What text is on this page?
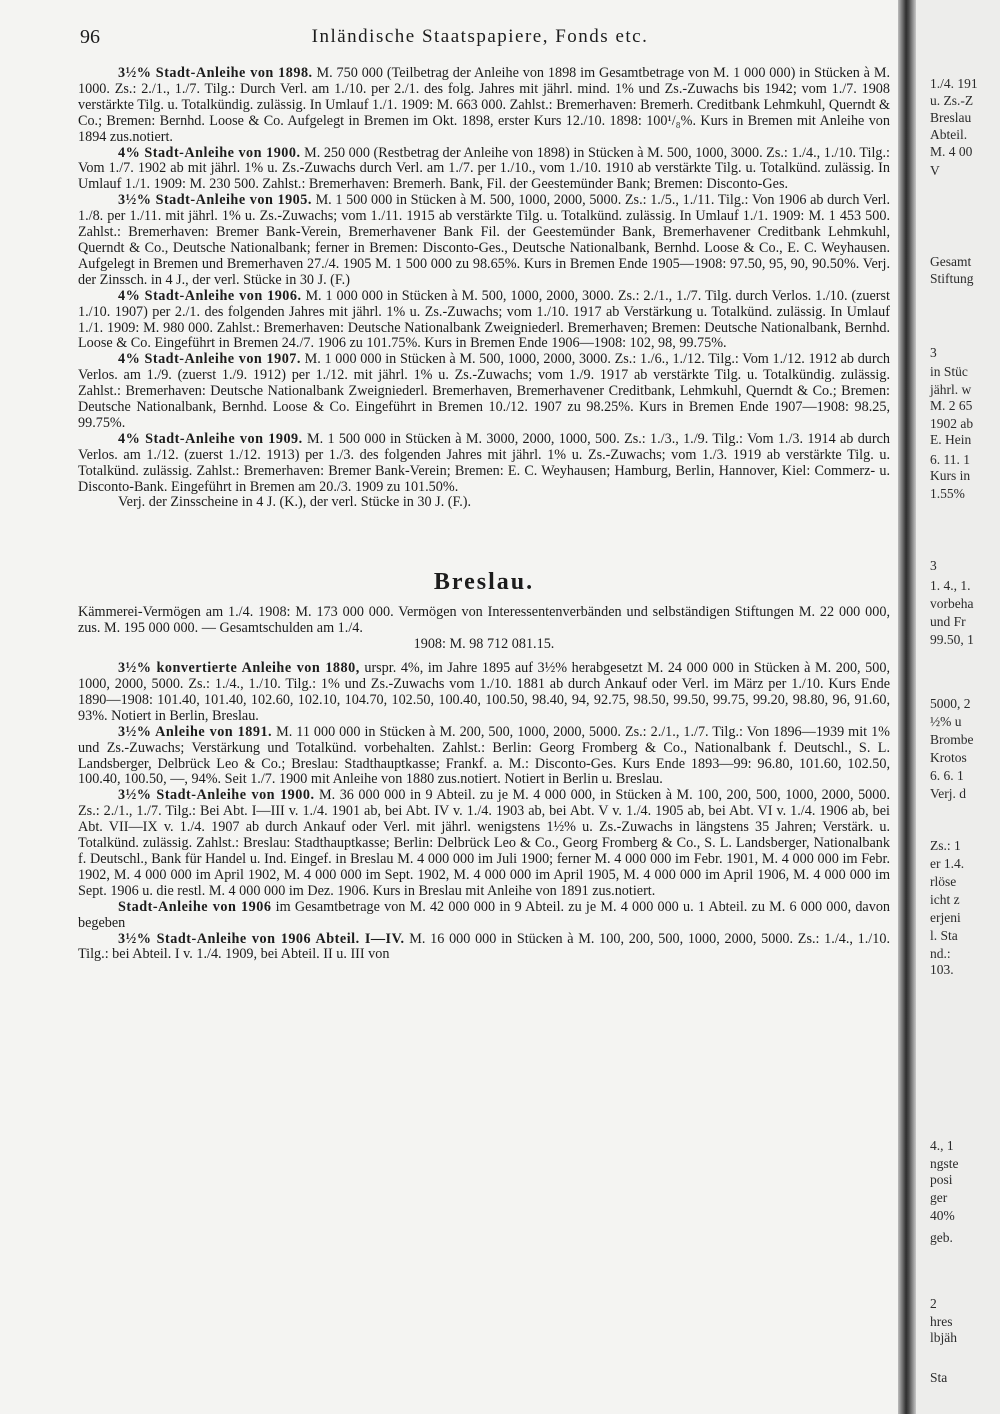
96	Inländische Staatspapiere, Fonds etc.

3½% Stadt-Anleihe von 1898. M. 750 000 (Teilbetrag der Anleihe von 1898 im Gesamtbetrage von M. 1 000 000) in Stücken à M. 1000. Zs.: 2./1., 1./7. Tilg.: Durch Verl. am 1./10. per 2./1. des folg. Jahres mit jährl. mind. 1% und Zs.-Zuwachs bis 1942; vom 1./7. 1908 verstärkte Tilg. u. Totalkündig. zulässig. In Umlauf 1./1. 1909: M. 663 000. Zahlst.: Bremerhaven: Bremerh. Creditbank Lehmkuhl, Querndt & Co.; Bremen: Bernhd. Loose & Co. Aufgelegt in Bremen im Okt. 1898, erster Kurs 12./10. 1898: 100¹/₈%. Kurs in Bremen mit Anleihe von 1894 zus.notiert.

4% Stadt-Anleihe von 1900. M. 250 000 (Restbetrag der Anleihe von 1898) in Stücken à M. 500, 1000, 3000. Zs.: 1./4., 1./10. Tilg.: Vom 1./7. 1902 ab mit jährl. 1% u. Zs.-Zuwachs durch Verl. am 1./7. per 1./10., vom 1./10. 1910 ab verstärkte Tilg. u. Totalkünd. zulässig. In Umlauf 1./1. 1909: M. 230 500. Zahlst.: Bremerhaven: Bremerh. Bank, Fil. der Geestemünder Bank; Bremen: Disconto-Ges.

3½% Stadt-Anleihe von 1905. M. 1 500 000 in Stücken à M. 500, 1000, 2000, 5000. Zs.: 1./5., 1./11. Tilg.: Von 1906 ab durch Verl. 1./8. per 1./11. mit jährl. 1% u. Zs.-Zuwachs; vom 1./11. 1915 ab verstärkte Tilg. u. Totalkünd. zulässig. In Umlauf 1./1. 1909: M. 1 453 500. Zahlst.: Bremerhaven: Bremer Bank-Verein, Bremerhavener Bank Fil. der Geestemünder Bank, Bremerhavener Creditbank Lehmkuhl, Querndt & Co., Deutsche Nationalbank; ferner in Bremen: Disconto-Ges., Deutsche Nationalbank, Bernhd. Loose & Co., E. C. Weyhausen. Aufgelegt in Bremen und Bremerhaven 27./4. 1905 M. 1 500 000 zu 98.65%. Kurs in Bremen Ende 1905—1908: 97.50, 95, 90, 90.50%. Verj. der Zinssch. in 4 J., der verl. Stücke in 30 J. (F.)

4% Stadt-Anleihe von 1906. M. 1 000 000 in Stücken à M. 500, 1000, 2000, 3000. Zs.: 2./1., 1./7. Tilg. durch Verlos. 1./10. (zuerst 1./10. 1907) per 2./1. des folgenden Jahres mit jährl. 1% u. Zs.-Zuwachs; vom 1./10. 1917 ab Verstärkung u. Totalkünd. zulässig. In Umlauf 1./1. 1909: M. 980 000. Zahlst.: Bremerhaven: Deutsche Nationalbank Zweigniederl. Bremerhaven; Bremen: Deutsche Nationalbank, Bernhd. Loose & Co. Eingeführt in Bremen 24./7. 1906 zu 101.75%. Kurs in Bremen Ende 1906—1908: 102, 98, 99.75%.

4% Stadt-Anleihe von 1907. M. 1 000 000 in Stücken à M. 500, 1000, 2000, 3000. Zs.: 1./6., 1./12. Tilg.: Vom 1./12. 1912 ab durch Verlos. am 1./9. (zuerst 1./9. 1912) per 1./12. mit jährl. 1% u. Zs.-Zuwachs; vom 1./9. 1917 ab verstärkte Tilg. u. Totalkündig. zulässig. Zahlst.: Bremerhaven: Deutsche Nationalbank Zweigniederl. Bremerhaven, Bremerhavener Creditbank, Lehmkuhl, Querndt & Co.; Bremen: Deutsche Nationalbank, Bernhd. Loose & Co. Eingeführt in Bremen 10./12. 1907 zu 98.25%. Kurs in Bremen Ende 1907—1908: 98.25, 99.75%.

4% Stadt-Anleihe von 1909. M. 1 500 000 in Stücken à M. 3000, 2000, 1000, 500. Zs.: 1./3., 1./9. Tilg.: Vom 1./3. 1914 ab durch Verlos. am 1./12. (zuerst 1./12. 1913) per 1./3. des folgenden Jahres mit jährl. 1% u. Zs.-Zuwachs; vom 1./3. 1919 ab verstärkte Tilg. u. Totalkünd. zulässig. Zahlst.: Bremerhaven: Bremer Bank-Verein; Bremen: E. C. Weyhausen; Hamburg, Berlin, Hannover, Kiel: Commerz- u. Disconto-Bank. Eingeführt in Bremen am 20./3. 1909 zu 101.50%.

Verj. der Zinsscheine in 4 J. (K.), der verl. Stücke in 30 J. (F.).

Breslau.

Kämmerei-Vermögen am 1./4. 1908: M. 173 000 000. Vermögen von Interessentenverbänden und selbständigen Stiftungen M. 22 000 000, zus. M. 195 000 000. — Gesamtschulden am 1./4.
1908: M. 98 712 081.15.

3½% konvertierte Anleihe von 1880, urspr. 4%, im Jahre 1895 auf 3½% herabgesetzt M. 24 000 000 in Stücken à M. 200, 500, 1000, 2000, 5000. Zs.: 1./4., 1./10. Tilg.: 1% und Zs.-Zuwachs vom 1./10. 1881 ab durch Ankauf oder Verl. im März per 1./10. Kurs Ende 1890—1908: 101.40, 101.40, 102.60, 102.10, 104.70, 102.50, 100.40, 100.50, 98.40, 94, 92.75, 98.50, 99.50, 99.75, 99.20, 98.80, 96, 91.60, 93%. Notiert in Berlin, Breslau.

3½% Anleihe von 1891. M. 11 000 000 in Stücken à M. 200, 500, 1000, 2000, 5000. Zs.: 2./1., 1./7. Tilg.: Von 1896—1939 mit 1% und Zs.-Zuwachs; Verstärkung und Totalkünd. vorbehalten. Zahlst.: Berlin: Georg Fromberg & Co., Nationalbank f. Deutschl., S. L. Landsberger, Delbrück Leo & Co.; Breslau: Stadthauptkasse; Frankf. a. M.: Disconto-Ges. Kurs Ende 1893—99: 96.80, 101.60, 102.50, 100.40, 100.50, —, 94%. Seit 1./7. 1900 mit Anleihe von 1880 zus.notiert. Notiert in Berlin u. Breslau.

3½% Stadt-Anleihe von 1900. M. 36 000 000 in 9 Abteil. zu je M. 4 000 000, in Stücken à M. 100, 200, 500, 1000, 2000, 5000. Zs.: 2./1., 1./7. Tilg.: Bei Abt. I—III v. 1./4. 1901 ab, bei Abt. IV v. 1./4. 1903 ab, bei Abt. V v. 1./4. 1905 ab, bei Abt. VI v. 1./4. 1906 ab, bei Abt. VII—IX v. 1./4. 1907 ab durch Ankauf oder Verl. mit jährl. wenigstens 1½% u. Zs.-Zuwachs in längstens 35 Jahren; Verstärk. u. Totalkünd. zulässig. Zahlst.: Breslau: Stadthauptkasse; Berlin: Delbrück Leo & Co., Georg Fromberg & Co., S. L. Landsberger, Nationalbank f. Deutschl., Bank für Handel u. Ind. Eingef. in Breslau M. 4 000 000 im Juli 1900; ferner M. 4 000 000 im Febr. 1901, M. 4 000 000 im Febr. 1902, M. 4 000 000 im April 1902, M. 4 000 000 im Sept. 1902, M. 4 000 000 im April 1905, M. 4 000 000 im April 1906, M. 4 000 000 im Sept. 1906 u. die restl. M. 4 000 000 im Dez. 1906. Kurs in Breslau mit Anleihe von 1891 zus.notiert.

Stadt-Anleihe von 1906 im Gesamtbetrage von M. 42 000 000 in 9 Abteil. zu je M. 4 000 000 u. 1 Abteil. zu M. 6 000 000, davon begeben

3½% Stadt-Anleihe von 1906 Abteil. I—IV. M. 16 000 000 in Stücken à M. 100, 200, 500, 1000, 2000, 5000. Zs.: 1./4., 1./10. Tilg.: bei Abteil. I v. 1./4. 1909, bei Abteil. II u. III von

1./4. 191
u. Zs.-Z
Breslau
Abteil.
M. 4 00
V
Gesamt
Stiftung
3
in Stüc
jährl. w
M. 2 65
1902 ab
E. Hein
6. 11. 1
Kurs in
1.55%
3
1. 4., 1.
vorbeha
und Fr
99.50, 1
5000, 2
½% u
Brombe
Krotos
6. 6. 1
Verj. d
Zs.: 1
er 1.4.
rlöse
icht z
erjeni
l. Sta
nd.:
103.
4., 1
ngste
posi
ger
40%
geb.
2
hres
lbjäh
Sta
